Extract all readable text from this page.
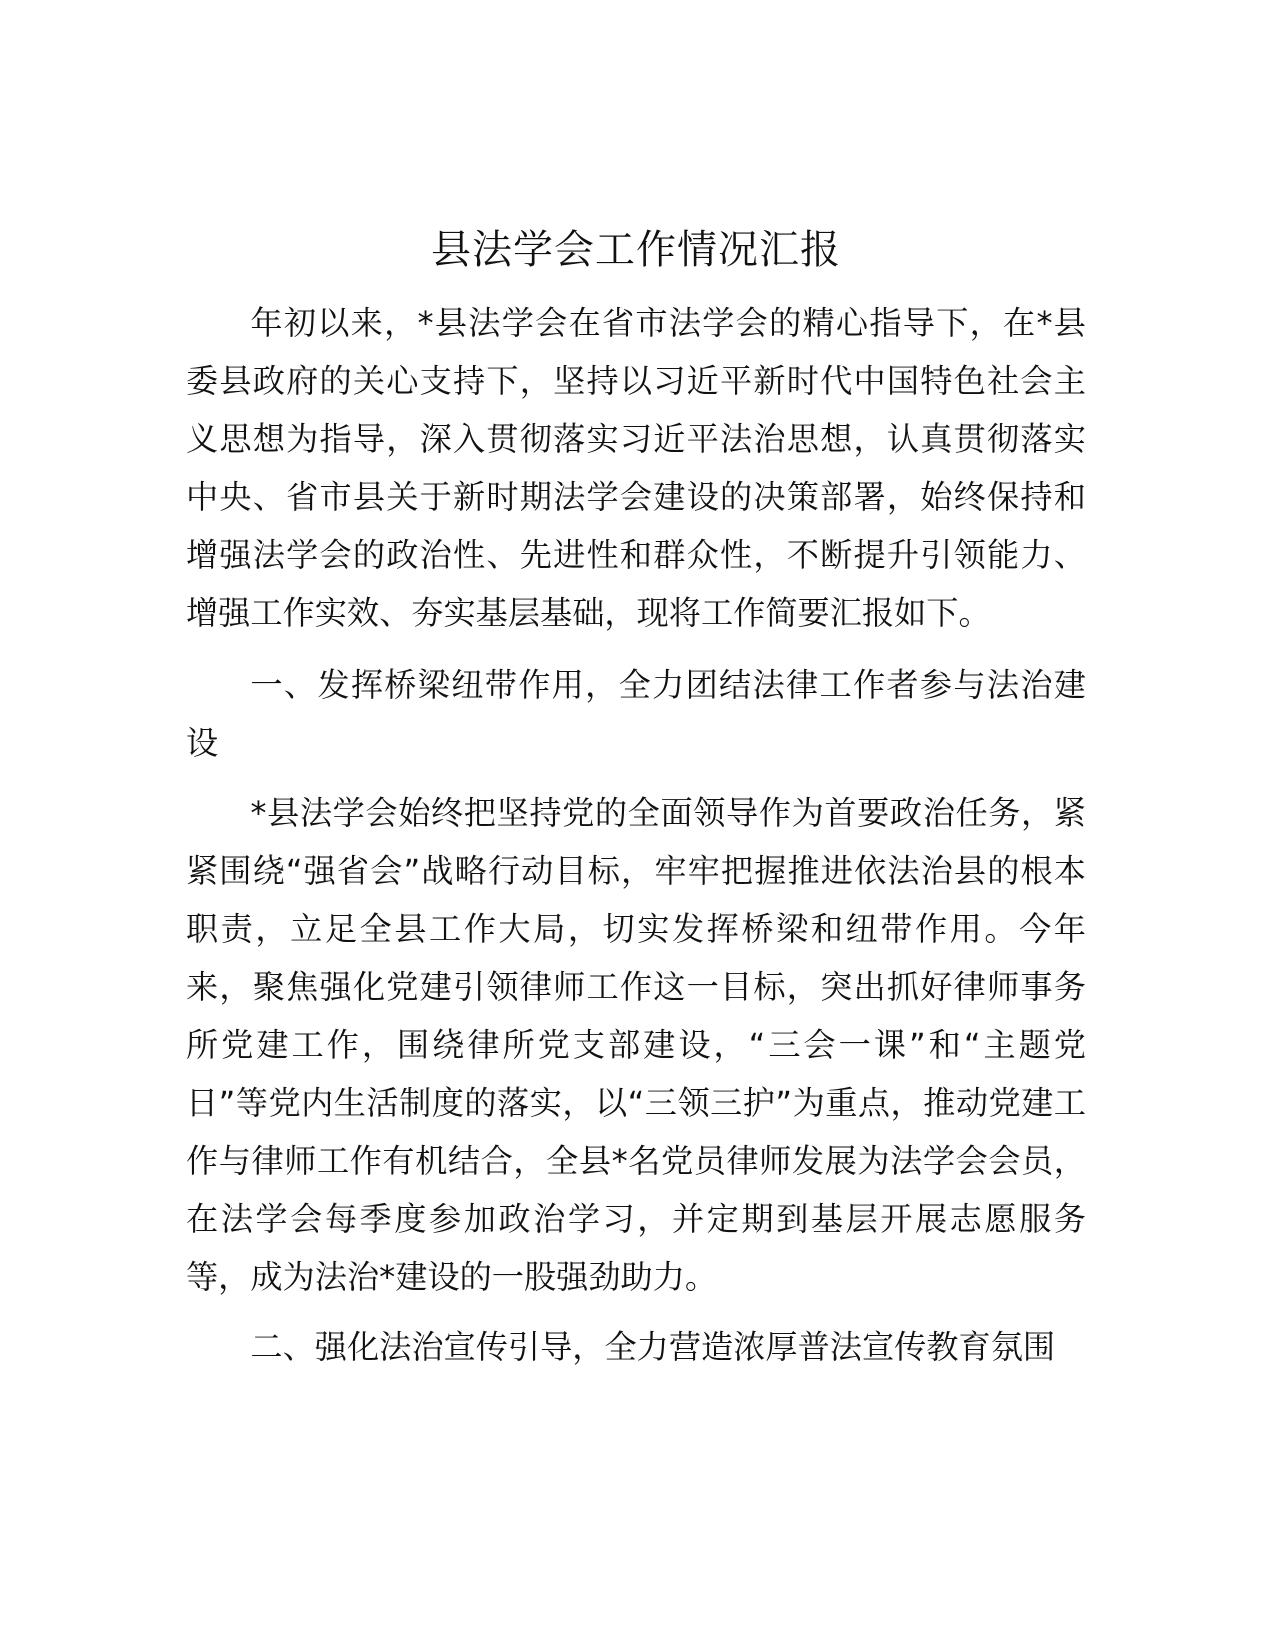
县法学会工作情况汇报

年初以来，*县法学会在省市法学会的精心指导下，在*县委县政府的关心支持下，坚持以习近平新时代中国特色社会主义思想为指导，深入贯彻落实习近平法治思想，认真贯彻落实中央、省市县关于新时期法学会建设的决策部署，始终保持和增强法学会的政治性、先进性和群众性，不断提升引领能力、增强工作实效、夯实基层基础，现将工作简要汇报如下。

一、发挥桥梁纽带作用，全力团结法律工作者参与法治建设

*县法学会始终把坚持党的全面领导作为首要政治任务，紧紧围绕“强省会”战略行动目标，牢牢把握推进依法治县的根本职责，立足全县工作大局，切实发挥桥梁和纽带作用。今年来，聚焦强化党建引领律师工作这一目标，突出抓好律师事务所党建工作，围绕律所党支部建设，“三会一课”和“主题党日”等党内生活制度的落实，以“三领三护”为重点，推动党建工作与律师工作有机结合，全县*名党员律师发展为法学会会员，在法学会每季度参加政治学习，并定期到基层开展志愿服务等，成为法治*建设的一股强劲助力。

二、强化法治宣传引导，全力营造浓厚普法宣传教育氛围
